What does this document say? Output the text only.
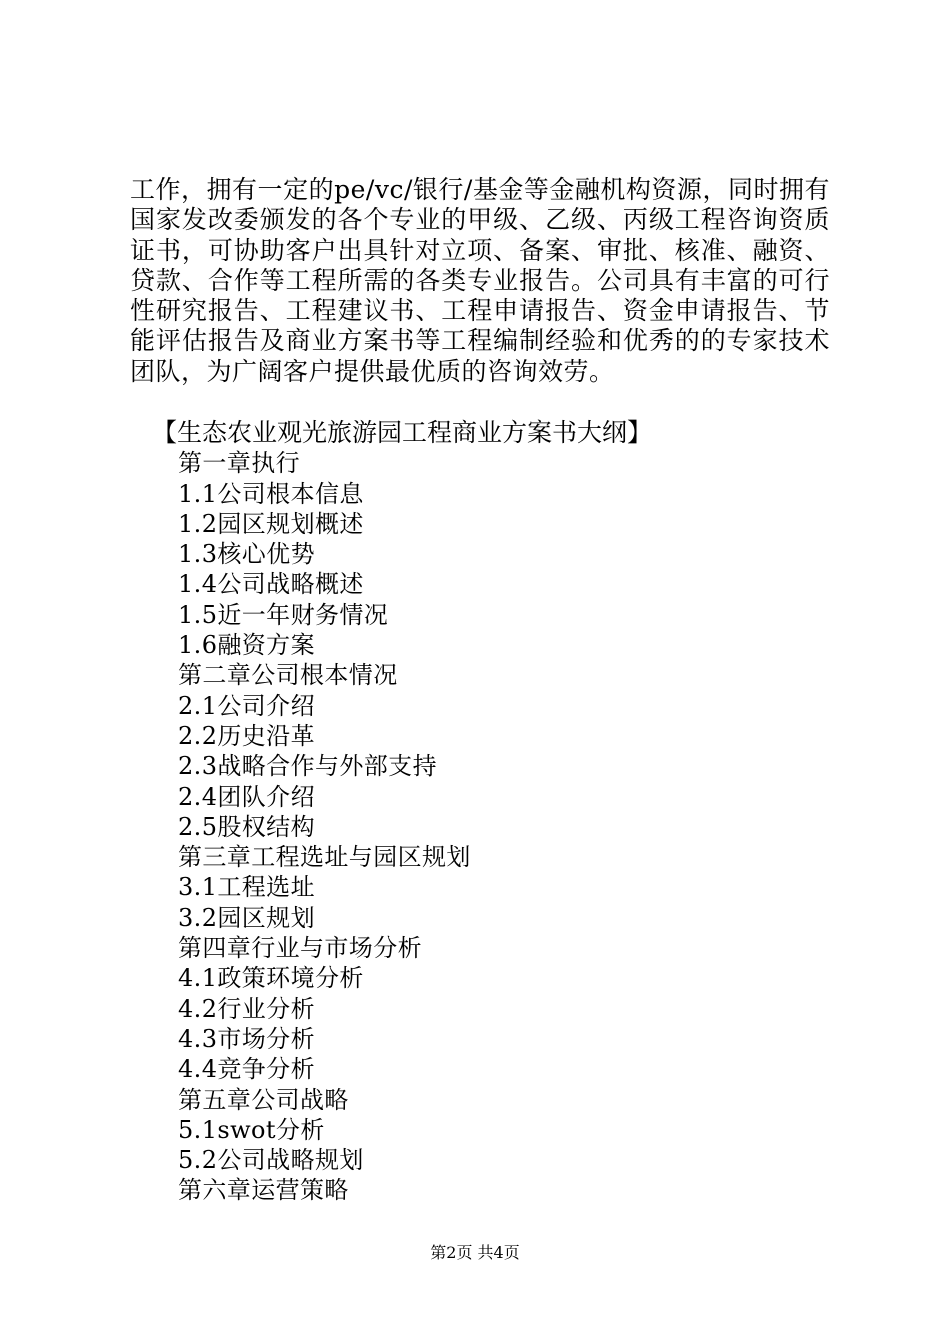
工作，拥有一定的pe/vc/银行/基金等金融机构资源，同时拥有国家发改委颁发的各个专业的甲级、乙级、丙级工程咨询资质证书，可协助客户出具针对立项、备案、审批、核准、融资、贷款、合作等工程所需的各类专业报告。公司具有丰富的可行性研究报告、工程建议书、工程申请报告、资金申请报告、节能评估报告及商业方案书等工程编制经验和优秀的的专家技术团队，为广阔客户提供最优质的咨询效劳。

【生态农业观光旅游园工程商业方案书大纲】
第一章执行
1.1公司根本信息
1.2园区规划概述
1.3核心优势
1.4公司战略概述
1.5近一年财务情况
1.6融资方案
第二章公司根本情况
2.1公司介绍
2.2历史沿革
2.3战略合作与外部支持
2.4团队介绍
2.5股权结构
第三章工程选址与园区规划
3.1工程选址
3.2园区规划
第四章行业与市场分析
4.1政策环境分析
4.2行业分析
4.3市场分析
4.4竞争分析
第五章公司战略
5.1swot分析
5.2公司战略规划
第六章运营策略
第2页 共4页
